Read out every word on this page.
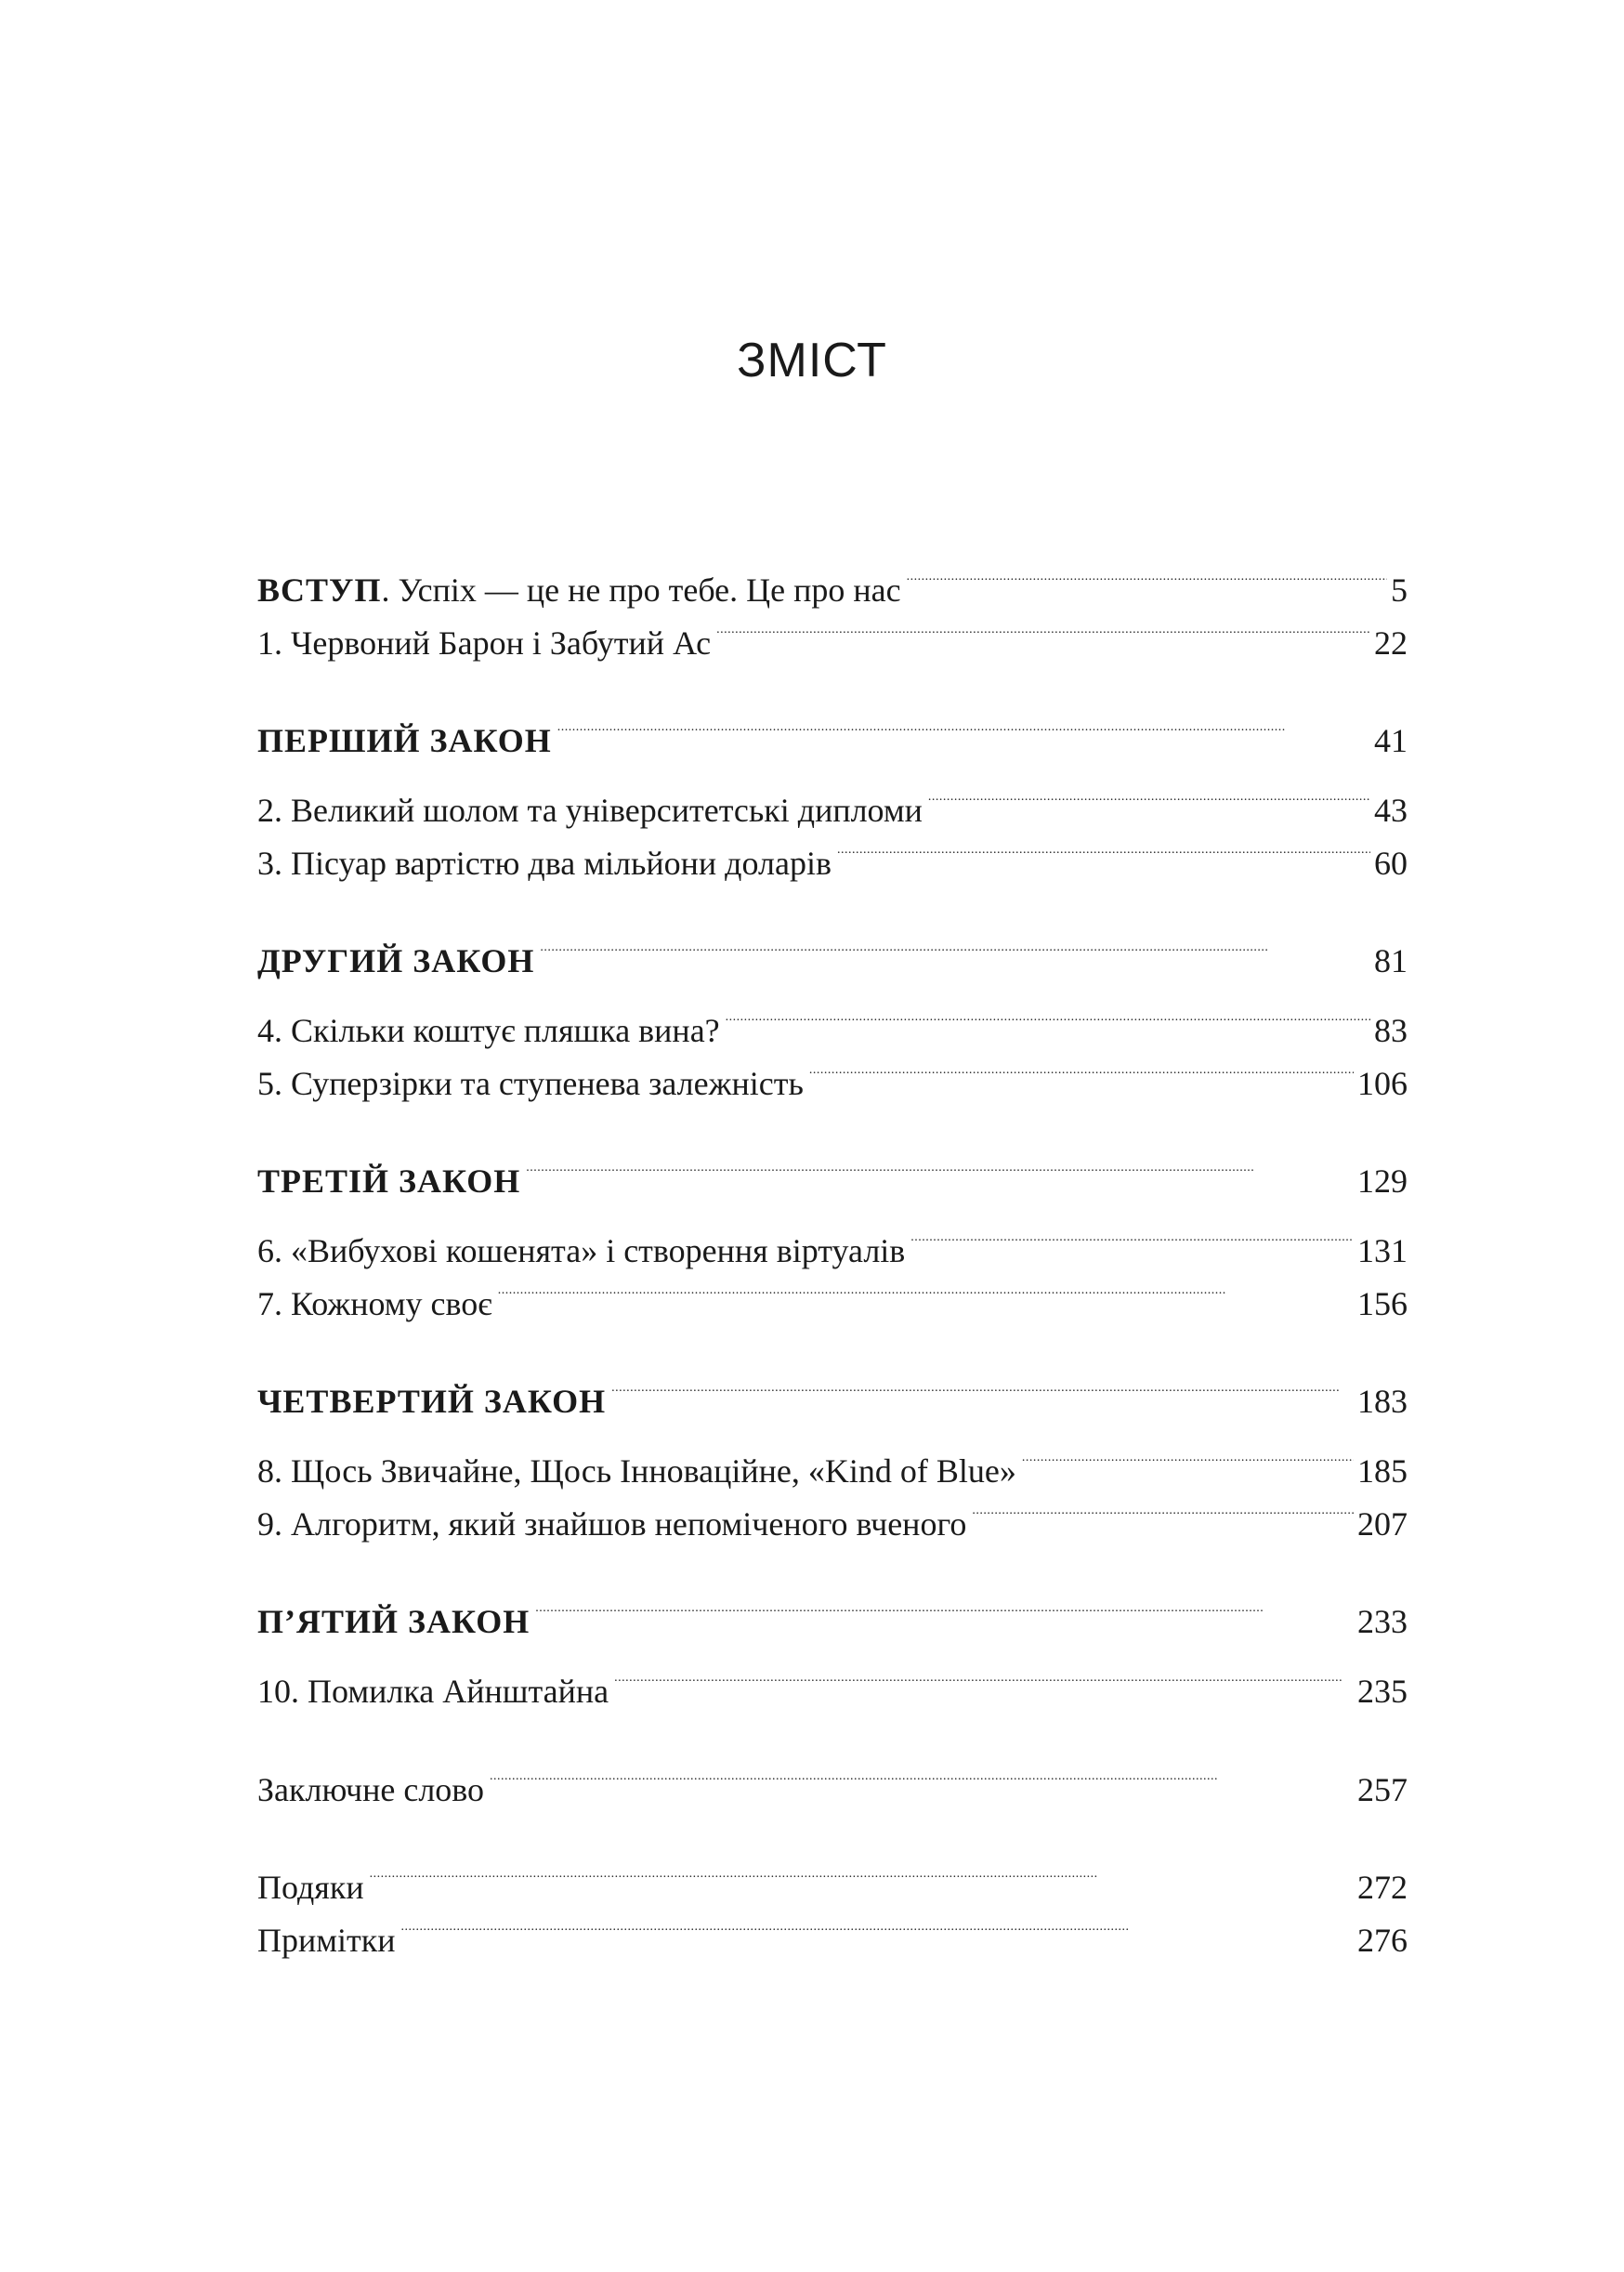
ЗМІСТ
ВСТУП. Успіх — це не про тебе. Це про нас . . .	5
1. Червоний Барон і Забутий Ас . . .	22
ПЕРШИЙ ЗАКОН . . .	41
2. Великий шолом та університетські дипломи . . .	43
3. Пісуар вартістю два мільйони доларів . . .	60
ДРУГИЙ ЗАКОН . . .	81
4. Скільки коштує пляшка вина? . . .	83
5. Суперзірки та ступенева залежність . . .	106
ТРЕТІЙ ЗАКОН . . .	129
6. «Вибухові кошенята» і створення віртуалів . . .	131
7. Кожному своє . . .	156
ЧЕТВЕРТИЙ ЗАКОН . . .	183
8. Щось Звичайне, Щось Інноваційне, «Kind of Blue» . . .	185
9. Алгоритм, який знайшов непоміченого вченого . . .	207
П’ЯТИЙ ЗАКОН . . .	233
10. Помилка Айнштайна . . .	235
Заключне слово . . .	257
Подяки . . .	272
Примітки . . .	276
